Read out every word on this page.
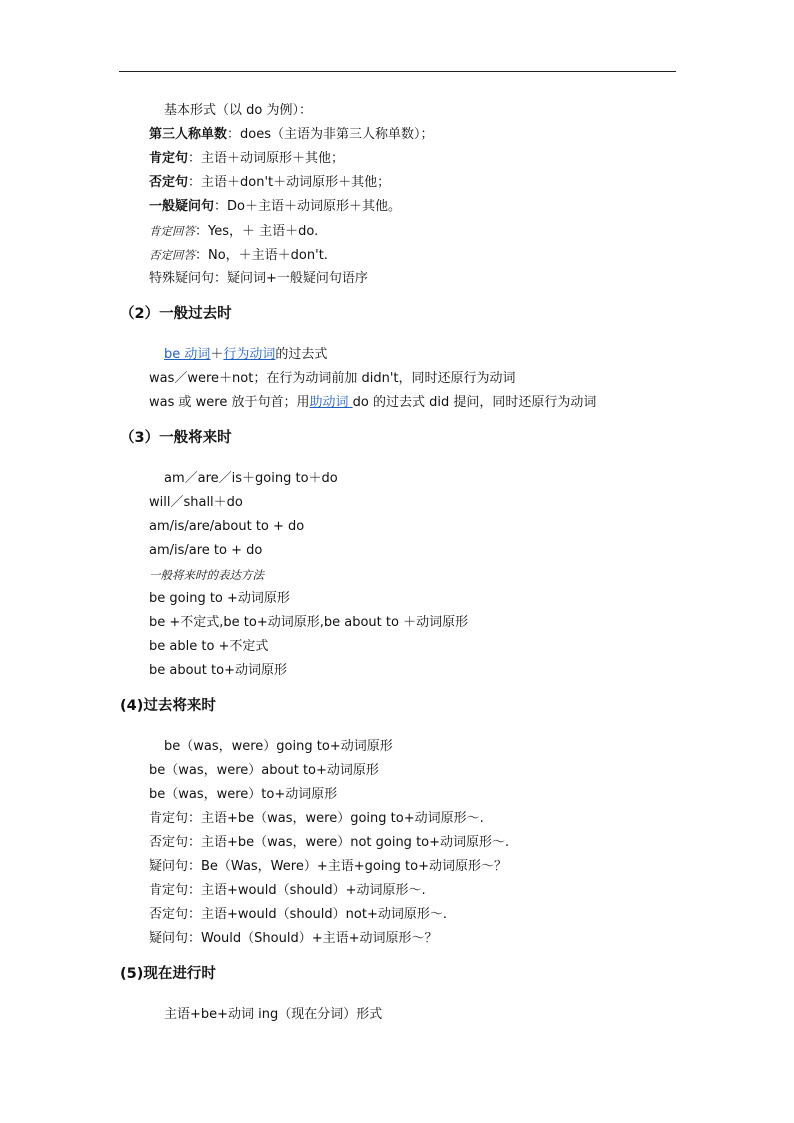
基本形式（以 do 为例）：
第三人称单数：does（主语为非第三人称单数）；
肯定句：主语＋动词原形＋其他；
否定句：主语＋don't＋动词原形＋其他；
一般疑问句：Do＋主语＋动词原形＋其他。
肯定回答：Yes，＋ 主语＋do.
否定回答：No，＋主语＋don't.
特殊疑问句：疑问词+一般疑问句语序
（2）一般过去时
be 动词＋行为动词的过去式
was／were＋not；在行为动词前加 didn't，同时还原行为动词
was 或 were 放于句首；用助动词 do 的过去式 did 提问，同时还原行为动词
（3）一般将来时
am／are／is＋going to＋do
will／shall＋do
am/is/are/about to + do
am/is/are to + do
一般将来时的表达方法
be going to +动词原形
be +不定式,be to+动词原形,be about to ＋动词原形
be able to +不定式
be about to+动词原形
(4)过去将来时
be（was，were）going to+动词原形
be（was，were）about to+动词原形
be（was，were）to+动词原形
肯定句：主语+be（was，were）going to+动词原形～.
否定句：主语+be（was，were）not going to+动词原形～.
疑问句：Be（Was，Were）+主语+going to+动词原形～？
肯定句：主语+would（should）+动词原形～.
否定句：主语+would（should）not+动词原形～.
疑问句：Would（Should）+主语+动词原形～？
(5)现在进行时
主语+be+动词 ing（现在分词）形式
